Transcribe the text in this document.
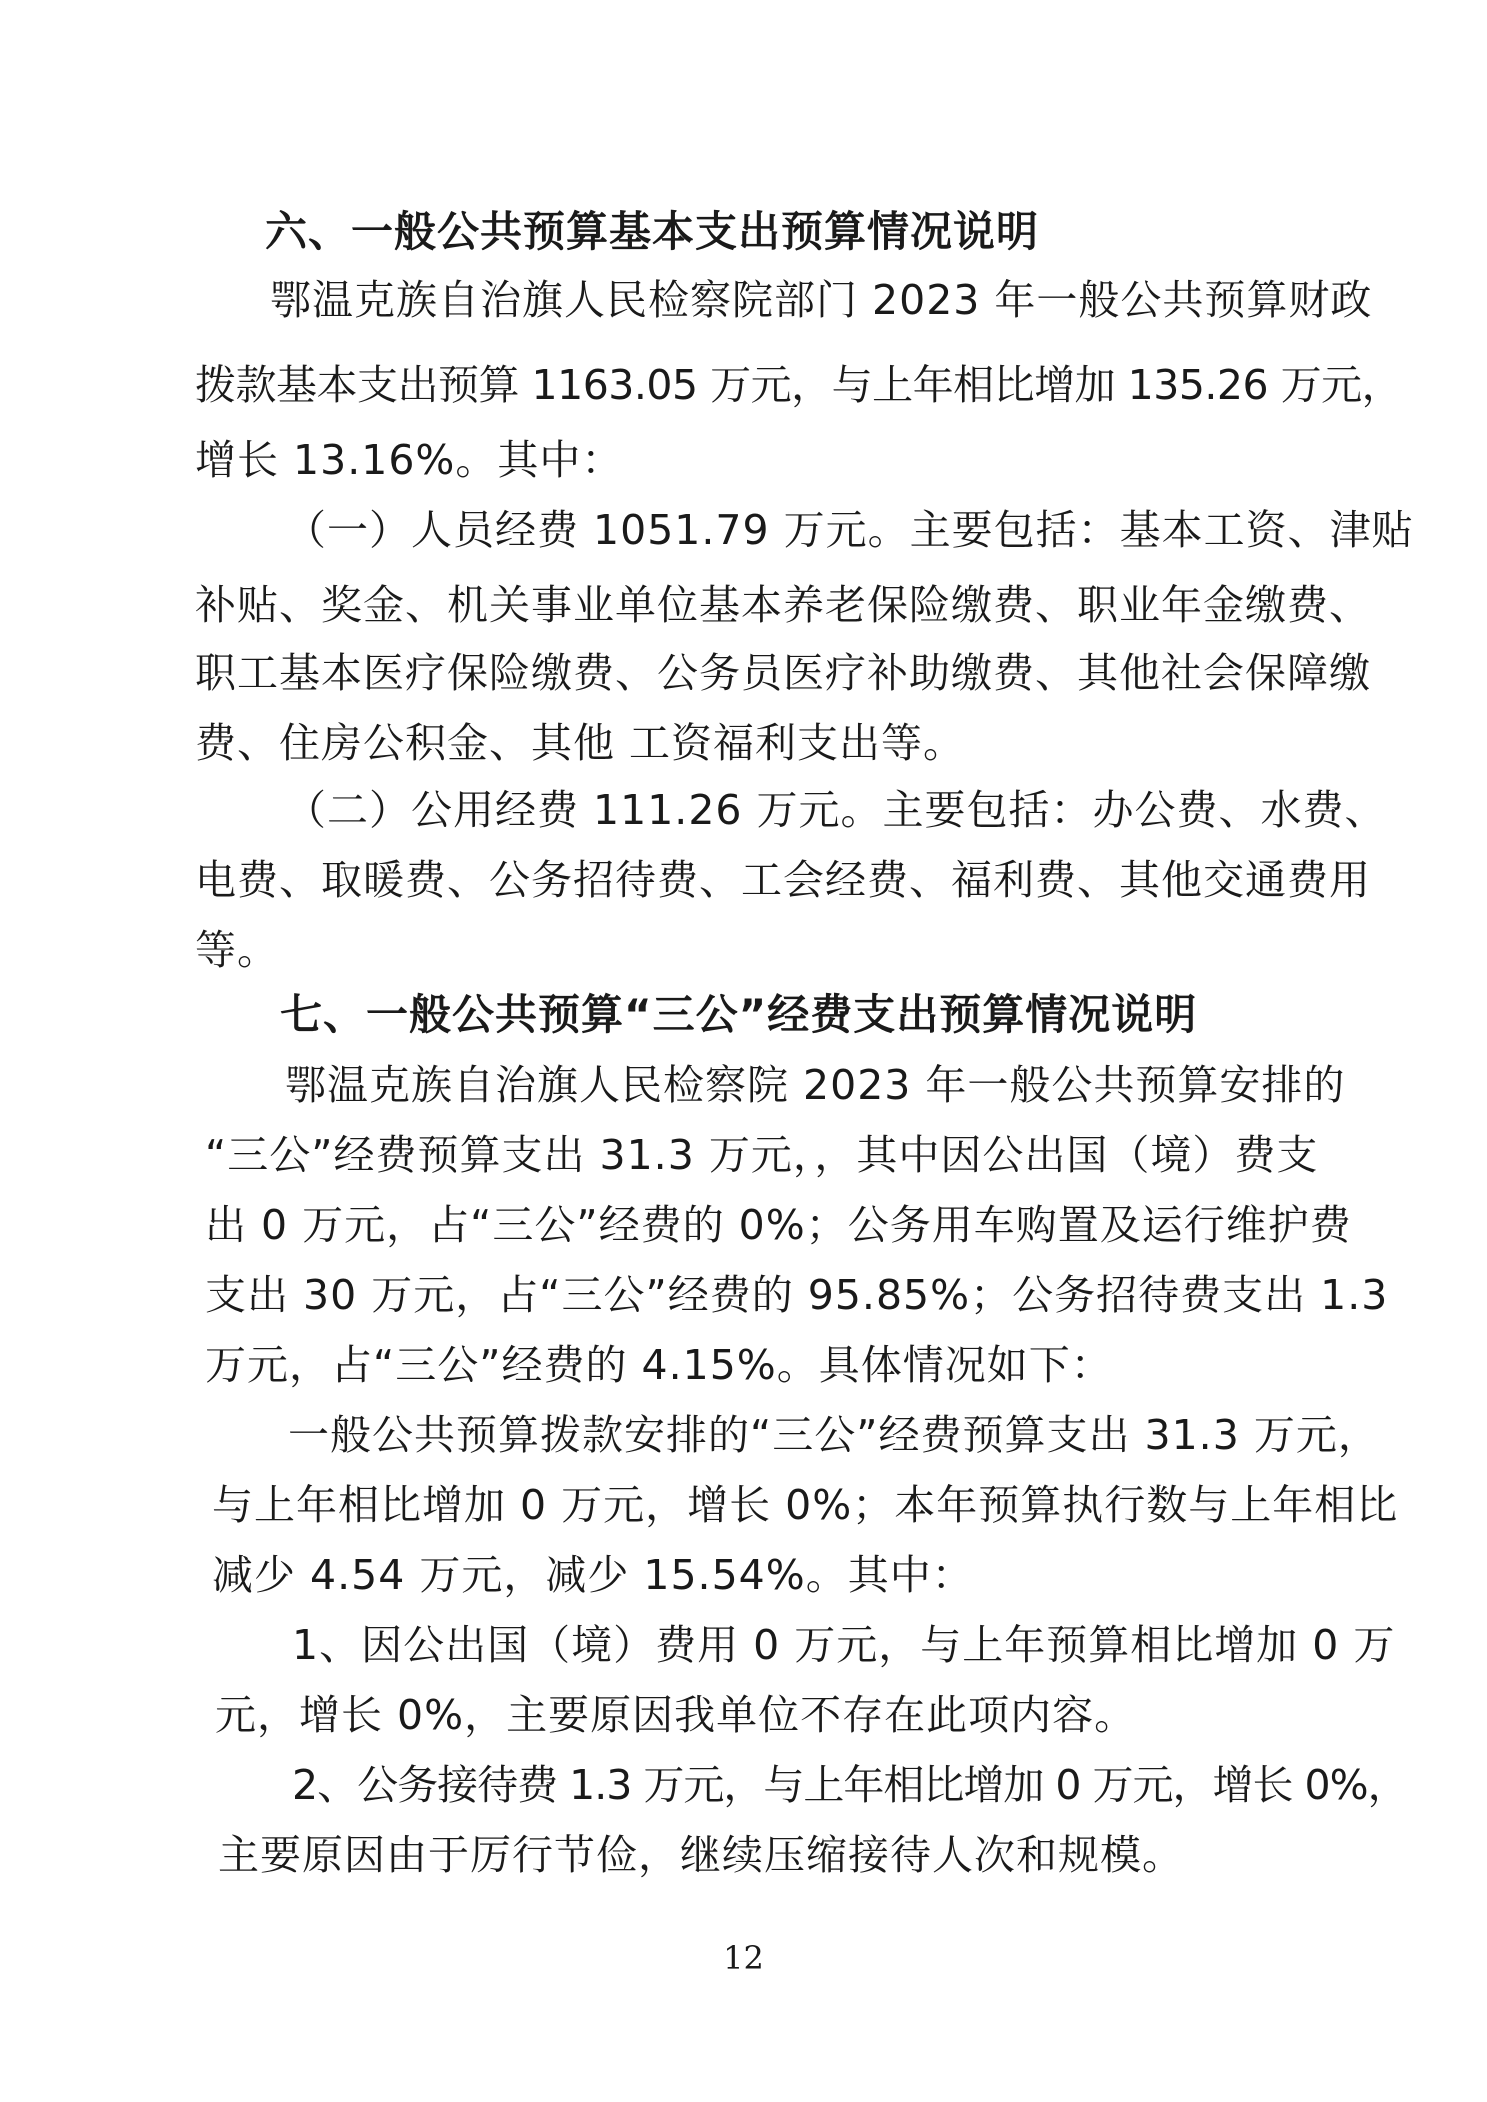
六、一般公共预算基本支出预算情况说明
鄂温克族自治旗人民检察院部门 2023 年一般公共预算财政
拨款基本支出预算 1163.05 万元，与上年相比增加 135.26 万元，
增长 13.16%。其中：
（一）人员经费 1051.79 万元。主要包括：基本工资、津贴
补贴、奖金、机关事业单位基本养老保险缴费、职业年金缴费、
职工基本医疗保险缴费、公务员医疗补助缴费、其他社会保障缴
费、住房公积金、其他 工资福利支出等。
（二）公用经费 111.26 万元。主要包括：办公费、水费、
电费、取暖费、公务招待费、工会经费、福利费、其他交通费用
等。
七、一般公共预算“三公”经费支出预算情况说明
鄂温克族自治旗人民检察院 2023 年一般公共预算安排的
“三公”经费预算支出 31.3 万元，，其中因公出国（境）费支
出 0 万元，占“三公”经费的 0%；公务用车购置及运行维护费
支出 30 万元，占“三公”经费的 95.85%；公务招待费支出 1.3
万元，占“三公”经费的 4.15%。具体情况如下：
一般公共预算拨款安排的“三公”经费预算支出 31.3 万元，
与上年相比增加 0 万元，增长 0%；本年预算执行数与上年相比
减少 4.54 万元，减少 15.54%。其中：
1、因公出国（境）费用 0 万元，与上年预算相比增加 0 万
元，增长 0%，主要原因我单位不存在此项内容。
2、公务接待费 1.3 万元，与上年相比增加 0 万元，增长 0%，
主要原因由于厉行节俭，继续压缩接待人次和规模。
12
